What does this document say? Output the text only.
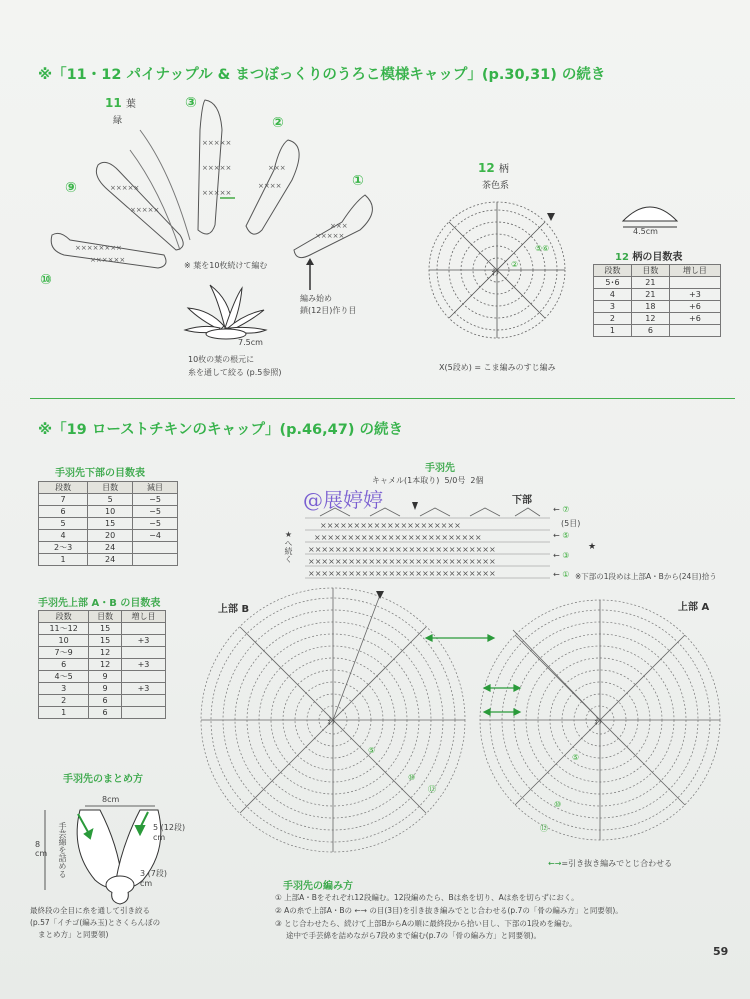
※「11・12 パイナップル & まつぼっくりのうろこ模様キャップ」(p.30,31) の続き
11 葉
緑
×××××
×××××
×××××
××××
×××
×××××
×××
×××××
×××××
××××××××
××××××
③
②
①
⑨
⑩
※ 葉を10枚続けて編む
編み始め
鎖(12目)作り目
7.5cm
10枚の葉の根元に
糸を通して絞る (p.5参照)
12 柄
茶色系
わ
⑤⑥
②
4.5cm
12 柄の目数表
段数	目数	増し目
5･6	21	
4	21	+3
3	18	+6
2	12	+6
1	6	
X(5段め) = こま編みのすじ編み
※「19 ローストチキンのキャップ」(p.46,47) の続き
手羽先下部の目数表
段数	目数	減目
7	5	−5
6	10	−5
5	15	−5
4	20	−4
2〜3	24	
1	24	
手羽先上部 A・B の目数表
段数	目数	増し目
11〜12	15	
10	15	+3
7〜9	12	
6	12	+3
4〜5	9	
3	9	+3
2	6	
1	6	
手羽先
キャメル(1本取り) 5/0号 2個
下部
××××××××××××××××××××××××××××
××××××××××××××××××××××××××××
××××××××××××××××××××××××××××
×××××××××××××××××××××××××
×××××××××××××××××××××
← ⑦
(5目)
← ⑤
← ③
← ①
★
※下部の1段めは上部A・Bから(24目)拾う
★へ続く
@展婷婷
上部 B	上部 A
わ
⑤
⑩
⑫
わ
⑤
⑩
⑫
←→=引き抜き編みでとじ合わせる
手羽先のまとめ方
8cm
8
cm 手芸綿を詰める	5 (12段)
cm
3 (7段)
cm
最終段の全目に糸を通して引き絞る
(p.57「イチゴ(編み玉)とさくらんぼの
まとめ方」と同要領)
手羽先の編み方
① 上部A・Bをそれぞれ12段編む。12段編めたら、Bは糸を切り、Aは糸を切らずにおく。
② Aの糸で上部A・Bの ←→ の目(3目)を引き抜き編みでとじ合わせる(p.7の「骨の編み方」と同要領)。
③ とじ合わせたら、続けて上部BからAの順に最終段から拾い目し、下部の1段めを編む。
途中で手芸綿を詰めながら7段めまで編む(p.7の「骨の編み方」と同要領)。
59
